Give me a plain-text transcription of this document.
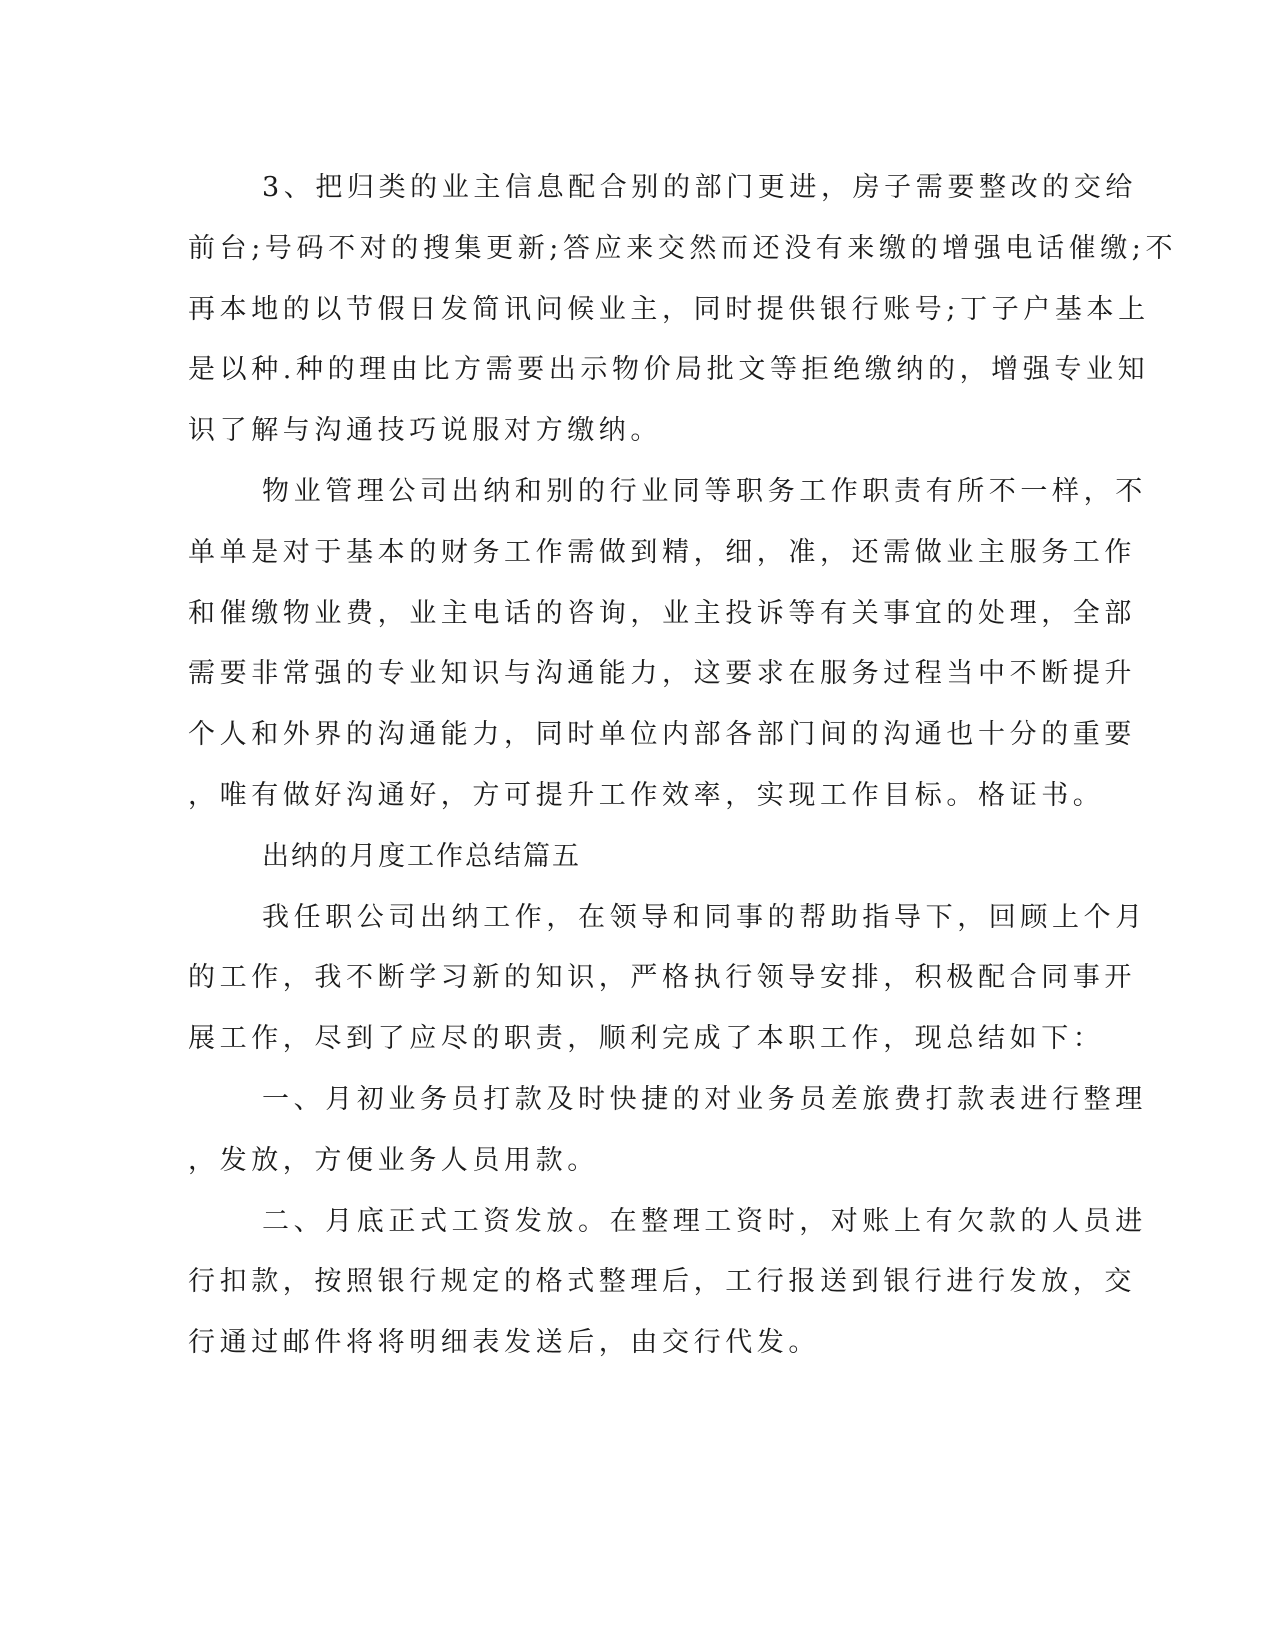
3、把归类的业主信息配合别的部门更进，房子需要整改的交给
前台;号码不对的搜集更新;答应来交然而还没有来缴的增强电话催缴;不
再本地的以节假日发简讯问候业主，同时提供银行账号;丁子户基本上
是以种.种的理由比方需要出示物价局批文等拒绝缴纳的，增强专业知
识了解与沟通技巧说服对方缴纳。
物业管理公司出纳和别的行业同等职务工作职责有所不一样，不
单单是对于基本的财务工作需做到精，细，准，还需做业主服务工作
和催缴物业费，业主电话的咨询，业主投诉等有关事宜的处理，全部
需要非常强的专业知识与沟通能力，这要求在服务过程当中不断提升
个人和外界的沟通能力，同时单位内部各部门间的沟通也十分的重要
，唯有做好沟通好，方可提升工作效率，实现工作目标。格证书。
出纳的月度工作总结篇五
我任职公司出纳工作，在领导和同事的帮助指导下，回顾上个月
的工作，我不断学习新的知识，严格执行领导安排，积极配合同事开
展工作，尽到了应尽的职责，顺利完成了本职工作，现总结如下：
一、月初业务员打款及时快捷的对业务员差旅费打款表进行整理
，发放，方便业务人员用款。
二、月底正式工资发放。在整理工资时，对账上有欠款的人员进
行扣款，按照银行规定的格式整理后，工行报送到银行进行发放，交
行通过邮件将将明细表发送后，由交行代发。
